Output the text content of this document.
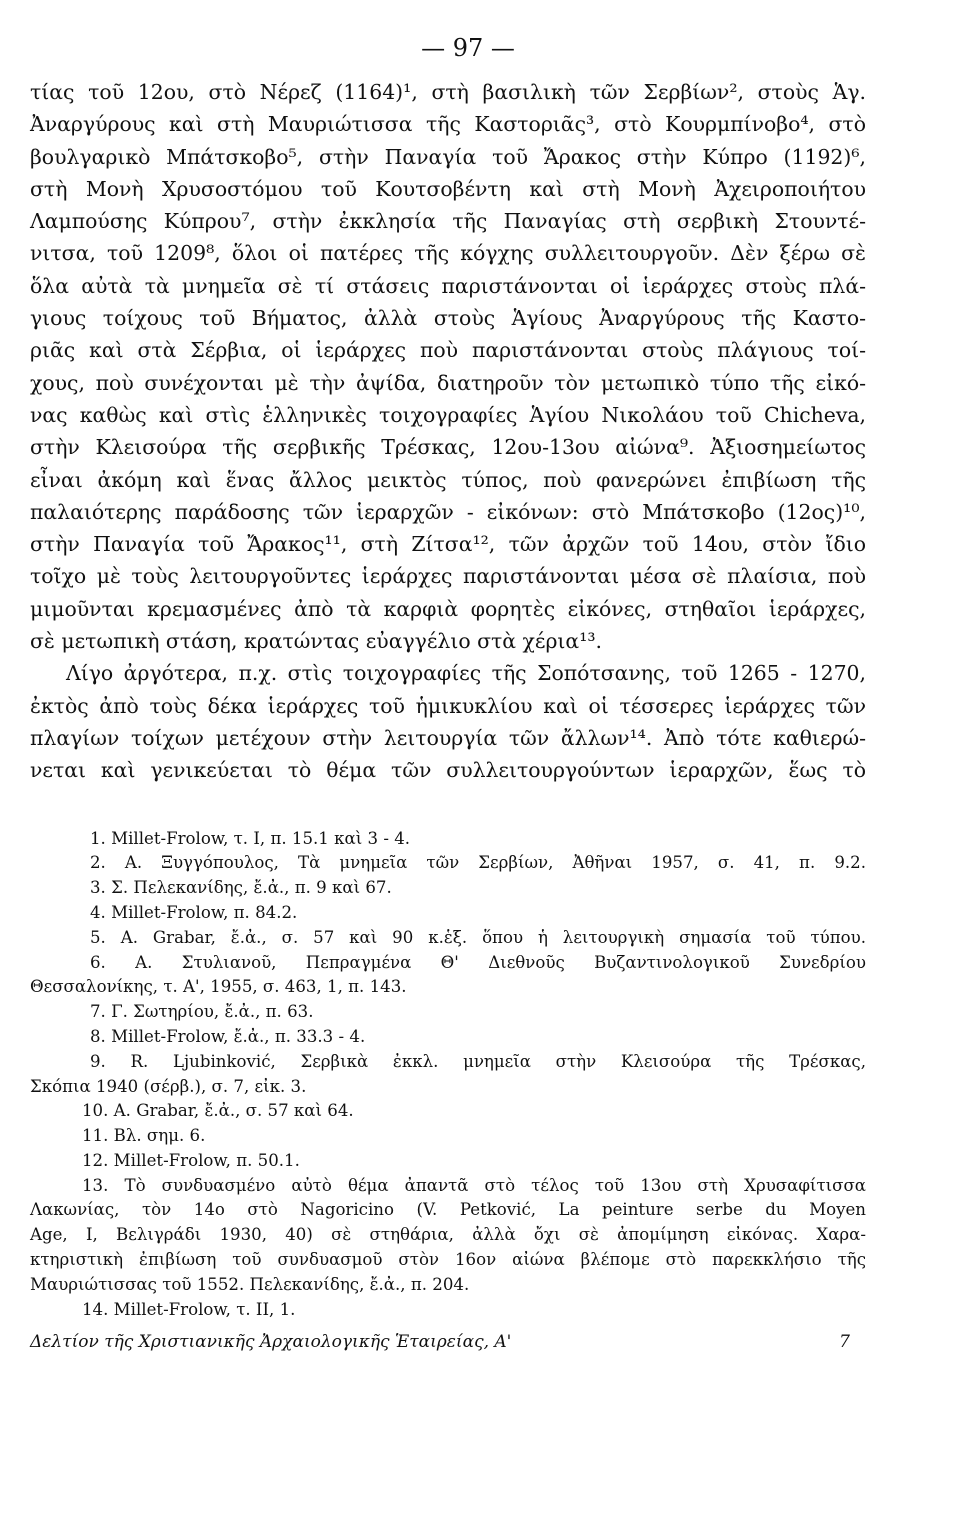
— 97 —
τίας τοῦ 12ου, στὸ Νέρεζ (1164)¹, στὴ βασιλικὴ τῶν Σερβίων², στοὺς Ἁγ.
Ἀναργύρους καὶ στὴ Μαυριώτισσα τῆς Καστοριᾶς³, στὸ Κουρμπίνοβο⁴, στὸ
βουλγαρικὸ Μπάτσκοβο⁵, στὴν Παναγία τοῦ Ἄρακος στὴν Κύπρο (1192)⁶,
στὴ Μονὴ Χρυσοστόμου τοῦ Κουτσοβέντη καὶ στὴ Μονὴ Ἀχειροποιήτου
Λαμπούσης Κύπρου⁷, στὴν ἐκκλησία τῆς Παναγίας στὴ σερβικὴ Στουντέ-
νιτσα, τοῦ 1209⁸, ὅλοι οἱ πατέρες τῆς κόγχης συλλειτουργοῦν. Δὲν ξέρω σὲ
ὅλα αὐτὰ τὰ μνημεῖα σὲ τί στάσεις παριστάνονται οἱ ἱεράρχες στοὺς πλά-
γιους τοίχους τοῦ Βήματος, ἀλλὰ στοὺς Ἁγίους Ἀναργύρους τῆς Καστο-
ριᾶς καὶ στὰ Σέρβια, οἱ ἱεράρχες ποὺ παριστάνονται στοὺς πλάγιους τοί-
χους, ποὺ συνέχονται μὲ τὴν ἀψίδα, διατηροῦν τὸν μετωπικὸ τύπο τῆς εἰκό-
νας καθὼς καὶ στὶς ἑλληνικὲς τοιχογραφίες Ἁγίου Νικολάου τοῦ Chicheva,
στὴν Κλεισούρα τῆς σερβικῆς Τρέσκας, 12ου-13ου αἰώνα⁹. Ἀξιοσημείωτος
εἶναι ἀκόμη καὶ ἕνας ἄλλος μεικτὸς τύπος, ποὺ φανερώνει ἐπιβίωση τῆς
παλαιότερης παράδοσης τῶν ἱεραρχῶν - εἰκόνων: στὸ Μπάτσκοβο (12ος)¹⁰,
στὴν Παναγία τοῦ Ἄρακος¹¹, στὴ Ζίτσα¹², τῶν ἀρχῶν τοῦ 14ου, στὸν ἴδιο
τοῖχο μὲ τοὺς λειτουργοῦντες ἱεράρχες παριστάνονται μέσα σὲ πλαίσια, ποὺ
μιμοῦνται κρεμασμένες ἀπὸ τὰ καρφιὰ φορητὲς εἰκόνες, στηθαῖοι ἱεράρχες,
σὲ μετωπικὴ στάση, κρατώντας εὐαγγέλιο στὰ χέρια¹³.
Λίγο ἀργότερα, π.χ. στὶς τοιχογραφίες τῆς Σοπότσανης, τοῦ 1265 - 1270,
ἐκτὸς ἀπὸ τοὺς δέκα ἱεράρχες τοῦ ἡμικυκλίου καὶ οἱ τέσσερες ἱεράρχες τῶν
πλαγίων τοίχων μετέχουν στὴν λειτουργία τῶν ἄλλων¹⁴. Ἀπὸ τότε καθιερώ-
νεται καὶ γενικεύεται τὸ θέμα τῶν συλλειτουργούντων ἱεραρχῶν, ἕως τὸ
1. Millet-Frolow, τ. I, π. 15.1 καὶ 3 - 4.
2. A. Ξυγγόπουλος, Τὰ μνημεῖα τῶν Σερβίων, Ἀθῆναι 1957, σ. 41, π. 9.2.
3. Σ. Πελεκανίδης, ἔ.ἀ., π. 9 καὶ 67.
4. Millet-Frolow, π. 84.2.
5. A. Grabar, ἔ.ἀ., σ. 57 καὶ 90 κ.ἑξ. ὅπου ἡ λειτουργικὴ σημασία τοῦ τύπου.
6. A. Στυλιανοῦ, Πεπραγμένα Θ' Διεθνοῦς Βυζαντινολογικοῦ Συνεδρίου
Θεσσαλονίκης, τ. Α', 1955, σ. 463, 1, π. 143.
7. Γ. Σωτηρίου, ἔ.ἀ., π. 63.
8. Millet-Frolow, ἔ.ἀ., π. 33.3 - 4.
9. R. Ljubinković, Σερβικὰ ἐκκλ. μνημεῖα στὴν Κλεισούρα τῆς Τρέσκας,
Σκόπια 1940 (σέρβ.), σ. 7, εἰκ. 3.
10. A. Grabar, ἔ.ἀ., σ. 57 καὶ 64.
11. Βλ. σημ. 6.
12. Millet-Frolow, π. 50.1.
13. Τὸ συνδυασμένο αὐτὸ θέμα ἀπαντᾶ στὸ τέλος τοῦ 13ου στὴ Χρυσαφίτισσα
Λακωνίας, τὸν 14ο στὸ Nagoricino (V. Petković, La peinture serbe du Moyen
Age, I, Βελιγράδι 1930, 40) σὲ στηθάρια, ἀλλὰ ὄχι σὲ ἀπομίμηση εἰκόνας. Χαρα-
κτηριστικὴ ἐπιβίωση τοῦ συνδυασμοῦ στὸν 16ον αἰώνα βλέπομε στὸ παρεκκλήσιο τῆς
Μαυριώτισσας τοῦ 1552. Πελεκανίδης, ἔ.ἀ., π. 204.
14. Millet-Frolow, τ. II, 1.
Δελτίον τῆς Χριστιανικῆς Ἀρχαιολογικῆς Ἑταιρείας, Α'	7
